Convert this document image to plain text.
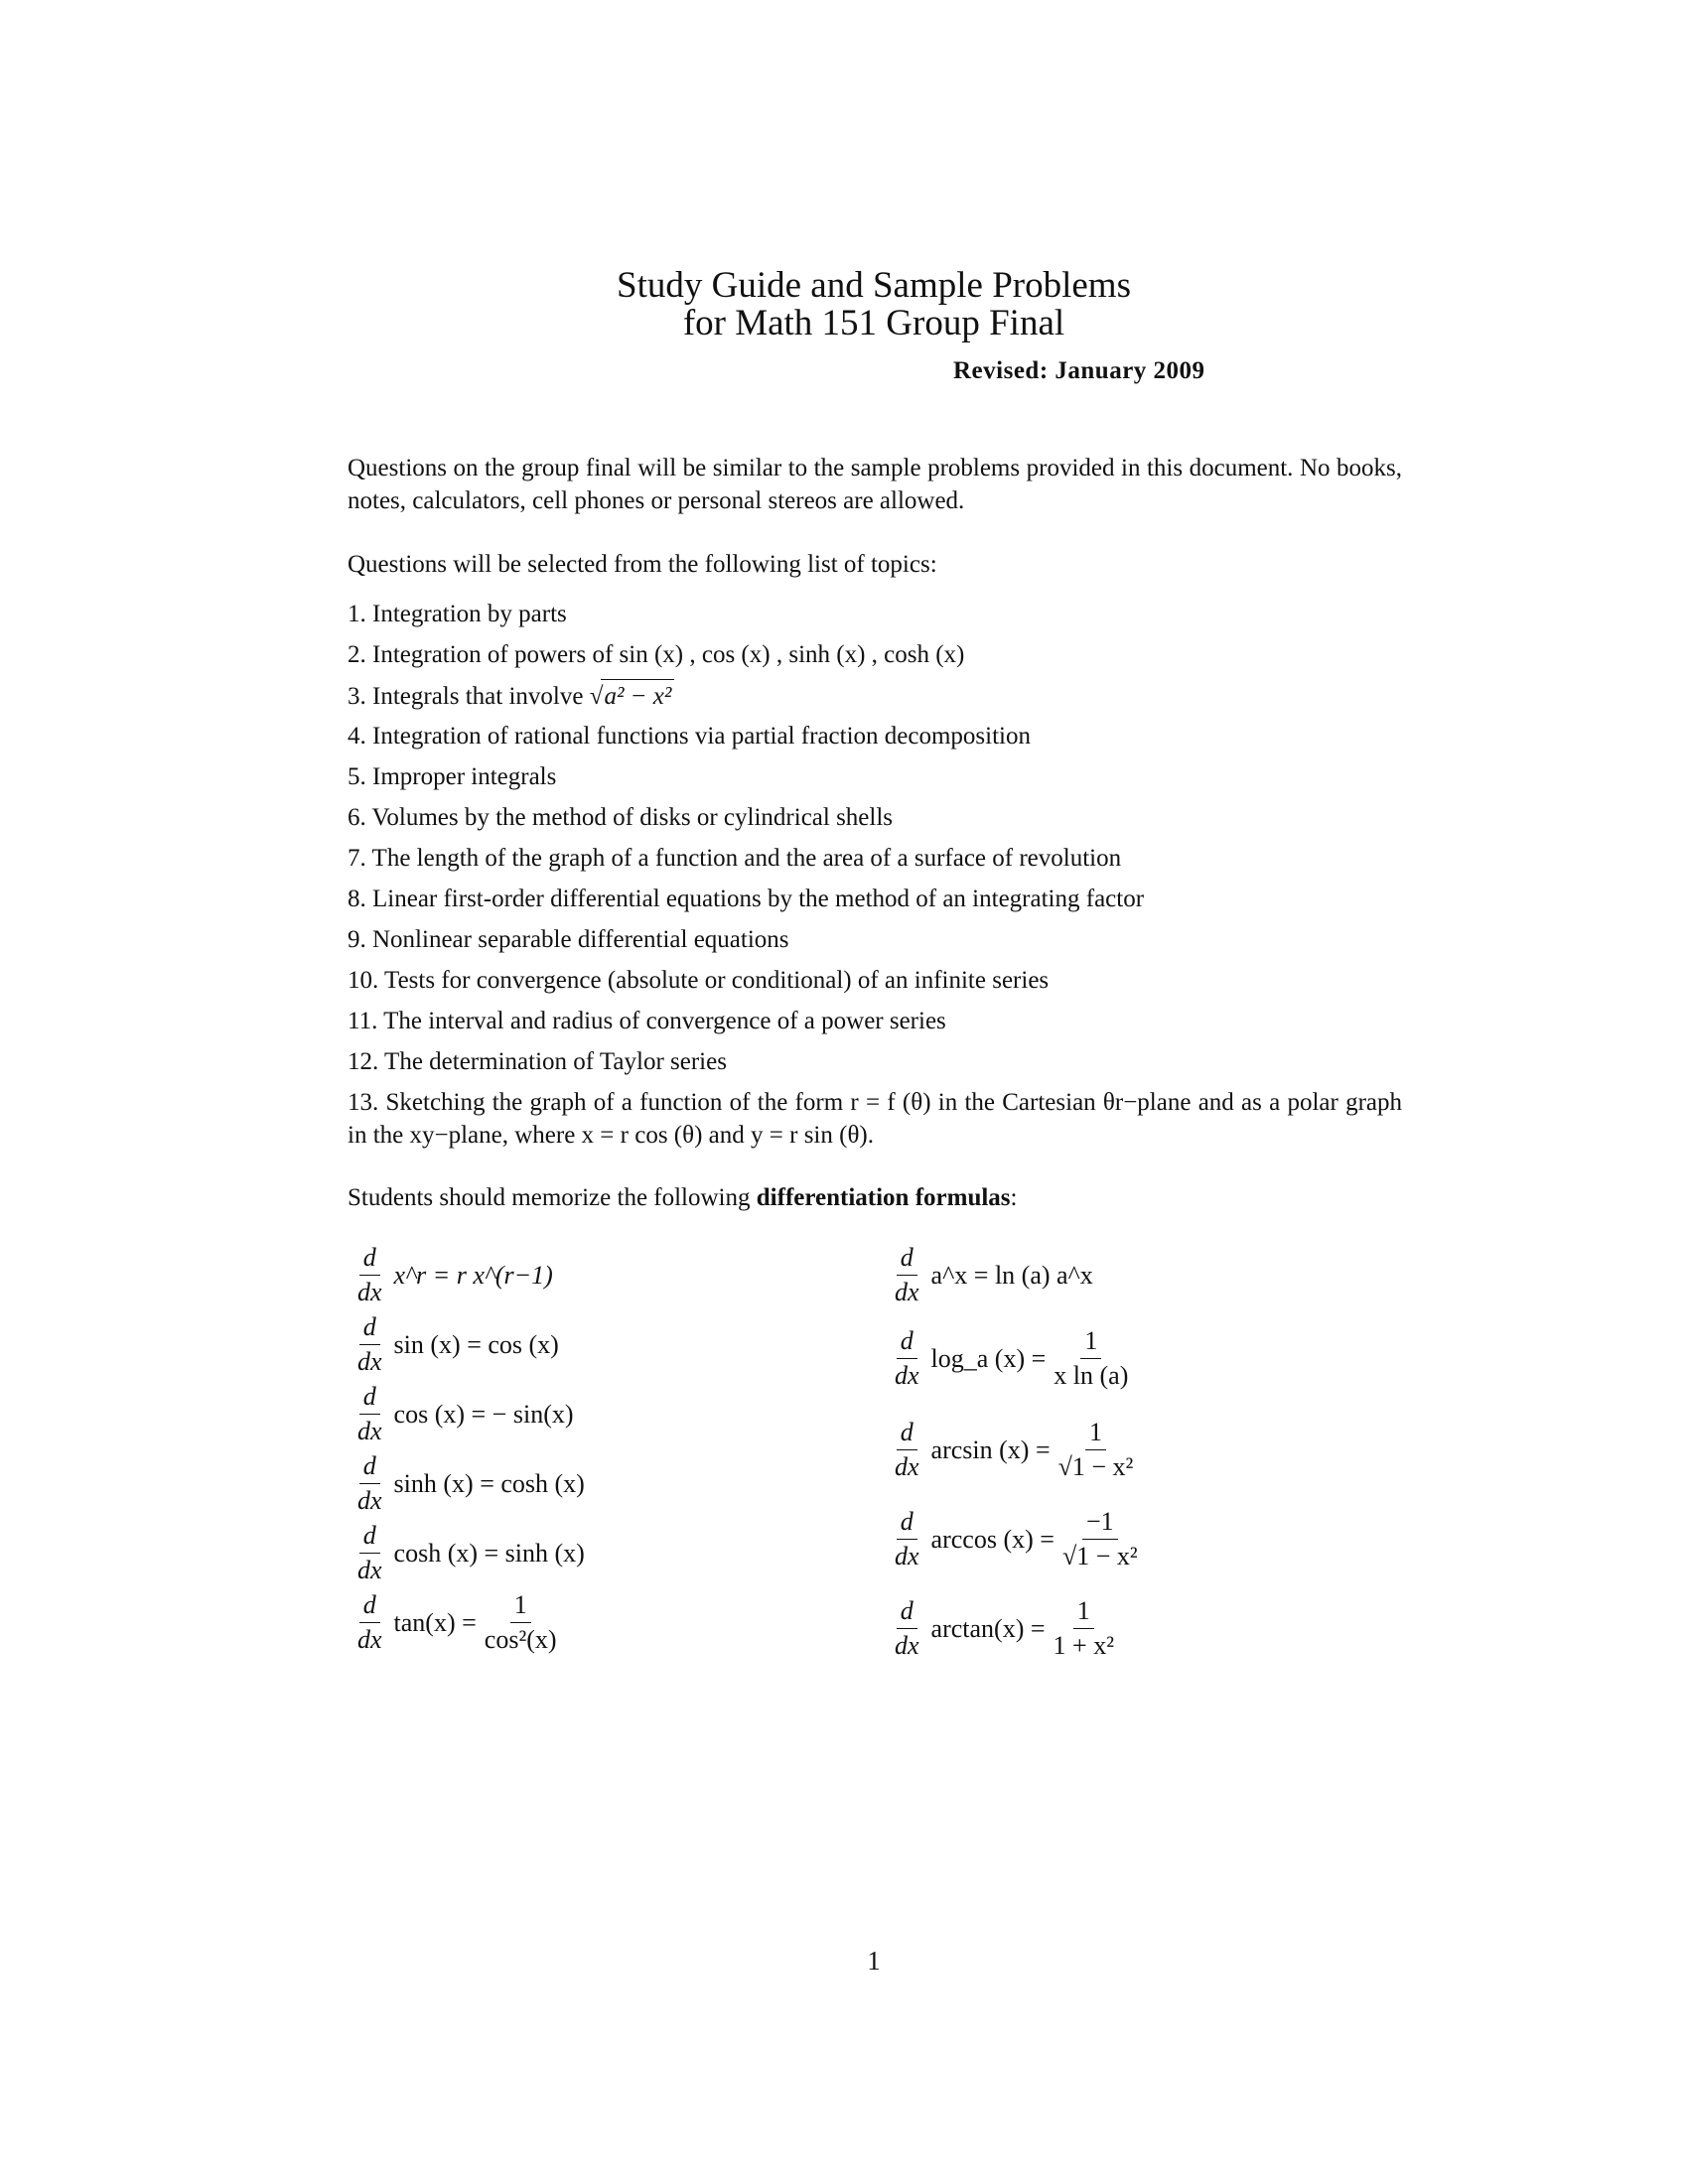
Study Guide and Sample Problems
for Math 151 Group Final
Revised: January 2009
Questions on the group final will be similar to the sample problems provided in this document. No books, notes, calculators, cell phones or personal stereos are allowed.
Questions will be selected from the following list of topics:
1. Integration by parts
2. Integration of powers of sin (x) , cos (x) , sinh (x) , cosh (x)
3. Integrals that involve √a² − x²
4. Integration of rational functions via partial fraction decomposition
5. Improper integrals
6. Volumes by the method of disks or cylindrical shells
7. The length of the graph of a function and the area of a surface of revolution
8. Linear first-order differential equations by the method of an integrating factor
9. Nonlinear separable differential equations
10. Tests for convergence (absolute or conditional) of an infinite series
11. The interval and radius of convergence of a power series
12. The determination of Taylor series
13. Sketching the graph of a function of the form r = f (θ) in the Cartesian θr−plane and as a polar graph in the xy−plane, where x = r cos (θ) and y = r sin (θ).
Students should memorize the following differentiation formulas:
$\frac{d}{dx}$ x^r = r x^(r−1)
$\frac{d}{dx}$ sin (x) = cos (x)
$\frac{d}{dx}$ cos (x) = − sin(x)
$\frac{d}{dx}$ sinh (x) = cosh (x)
$\frac{d}{dx}$ cosh (x) = sinh (x)
$\frac{d}{dx} \tan(x) = \frac{1}{\text{cos²(x)}}$
$\frac{d}{dx}$ a^x = ln (a) a^x
$\frac{d}{dx}$ log_a $(x) = \frac{1}{\text{x ln (a)}}$
$\frac{d}{dx}$ $\arcsin (x) = \frac{1}{\text{√1 − x²}}$
$\frac{d}{dx}$ $\arccos (x) = \frac{-1}{\text{√1 − x²}}$
$\frac{d}{dx} \arctan(x) = \frac{1}{\text{1 + x²}}$
1
